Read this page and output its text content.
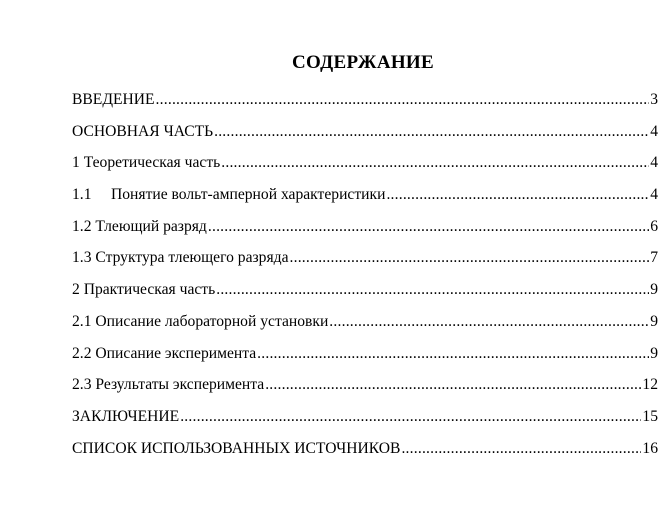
СОДЕРЖАНИЕ
ВВЕДЕНИЕ .....	3
ОСНОВНАЯ ЧАСТЬ .....	4
1 Теоретическая часть .....	4
1.1 Понятие вольт-амперной характеристики .....	4
1.2 Тлеющий разряд .....	6
1.3 Структура тлеющего разряда .....	7
2 Практическая часть .....	9
2.1 Описание лабораторной установки .....	9
2.2 Описание эксперимента .....	9
2.3 Результаты эксперимента .....	12
ЗАКЛЮЧЕНИЕ .....	15
СПИСОК ИСПОЛЬЗОВАННЫХ ИСТОЧНИКОВ .....	16
